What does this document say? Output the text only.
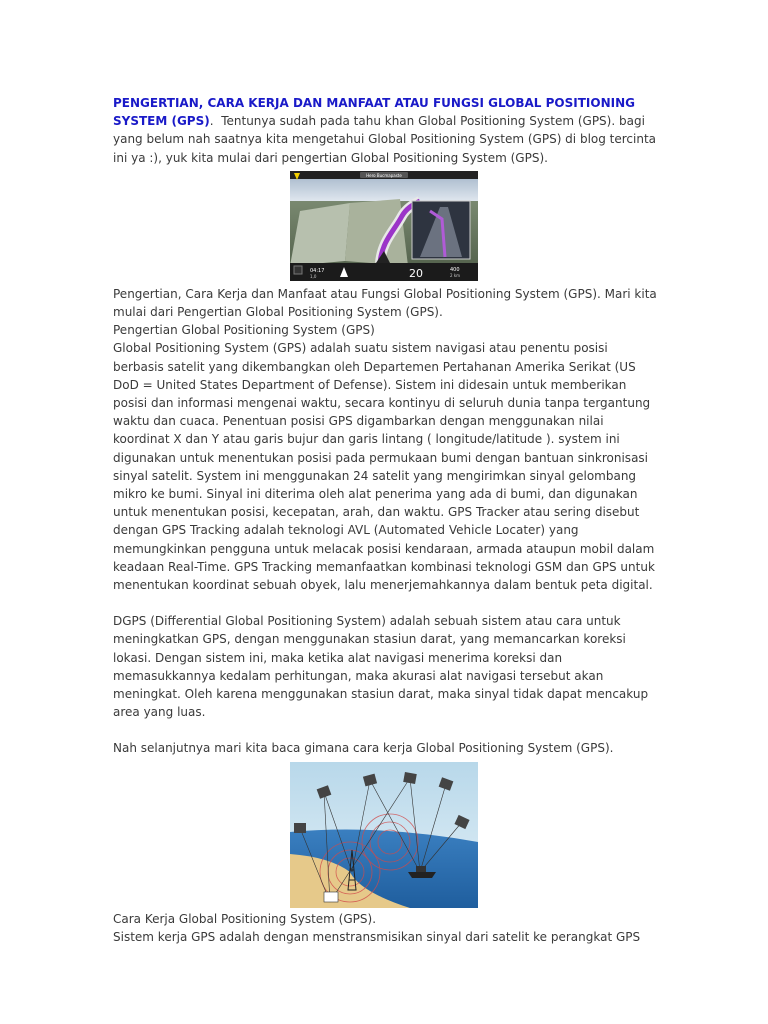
PENGERTIAN, CARA KERJA DAN MANFAAT ATAU FUNGSI GLOBAL POSITIONING SYSTEM (GPS). Tentunya sudah pada tahu khan Global Positioning System (GPS). bagi yang belum nah saatnya kita mengetahui Global Positioning System (GPS) di blog tercinta ini ya :), yuk kita mulai dari pengertian Global Positioning System (GPS).

Hero Bucmapaste
04:17
1,0	20	400
2 km

Pengertian, Cara Kerja dan Manfaat atau Fungsi Global Positioning System (GPS). Mari kita mulai dari Pengertian Global Positioning System (GPS).

Pengertian Global Positioning System (GPS)

Global Positioning System (GPS) adalah suatu sistem navigasi atau penentu posisi berbasis satelit yang dikembangkan oleh Departemen Pertahanan Amerika Serikat (US DoD = United States Department of Defense). Sistem ini didesain untuk memberikan posisi dan informasi mengenai waktu, secara kontinyu di seluruh dunia tanpa tergantung waktu dan cuaca. Penentuan posisi GPS digambarkan dengan menggunakan nilai koordinat X dan Y atau garis bujur dan garis lintang ( longitude/latitude ). system ini digunakan untuk menentukan posisi pada permukaan bumi dengan bantuan sinkronisasi sinyal satelit. System ini menggunakan 24 satelit yang mengirimkan sinyal gelombang mikro ke bumi. Sinyal ini diterima oleh alat penerima yang ada di bumi, dan digunakan untuk menentukan posisi, kecepatan, arah, dan waktu. GPS Tracker atau sering disebut dengan GPS Tracking adalah teknologi AVL (Automated Vehicle Locater) yang memungkinkan pengguna untuk melacak posisi kendaraan, armada ataupun mobil dalam keadaan Real-Time. GPS Tracking memanfaatkan kombinasi teknologi GSM dan GPS untuk menentukan koordinat sebuah obyek, lalu menerjemahkannya dalam bentuk peta digital.

DGPS (Differential Global Positioning System) adalah sebuah sistem atau cara untuk meningkatkan GPS, dengan menggunakan stasiun darat, yang memancarkan koreksi lokasi. Dengan sistem ini, maka ketika alat navigasi menerima koreksi dan memasukkannya kedalam perhitungan, maka akurasi alat navigasi tersebut akan meningkat. Oleh karena menggunakan stasiun darat, maka sinyal tidak dapat mencakup area yang luas.

Nah selanjutnya mari kita baca gimana cara kerja Global Positioning System (GPS).

Cara Kerja Global Positioning System (GPS).

Sistem kerja GPS adalah dengan menstransmisikan sinyal dari satelit ke perangkat GPS
